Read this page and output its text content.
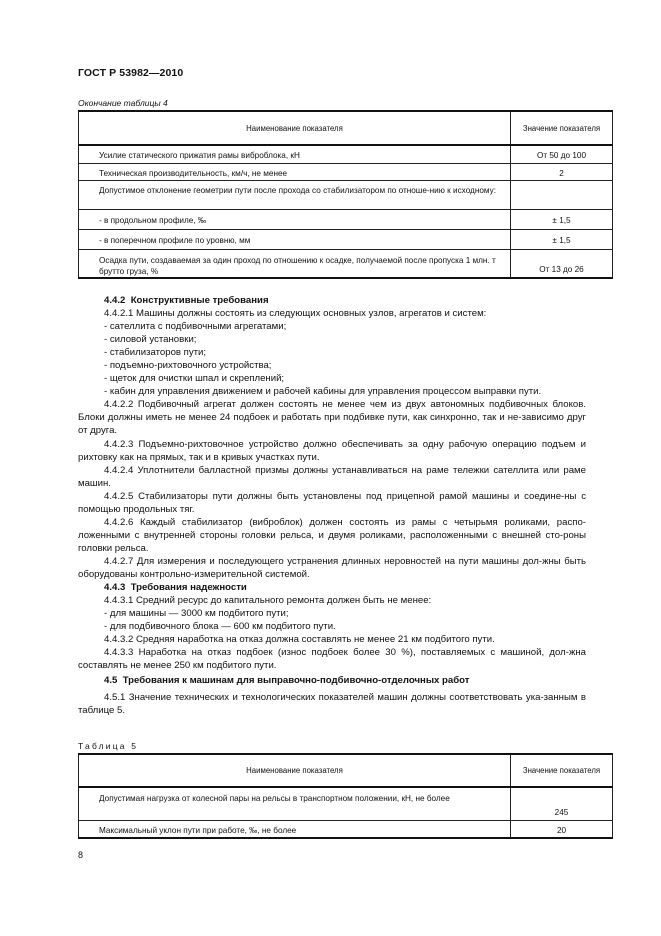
ГОСТ Р 53982—2010
Окончание таблицы 4
Наименование показателя	Значение показателя
Усилие статического прижатия рамы виброблока, кН	От 50 до 100
Техническая производительность, км/ч, не менее	2
Допустимое отклонение геометрии пути после прохода со стабилизатором по отноше-нию к исходному:	
- в продольном профиле, ‰	± 1,5
- в поперечном профиле по уровню, мм	± 1,5
Осадка пути, создаваемая за один проход по отношению к осадке, получаемой после пропуска 1 млн. т брутто груза, %	От 13 до 26

4.4.2 Конструктивные требования

4.4.2.1 Машины должны состоять из следующих основных узлов, агрегатов и систем:

- сателлита с подбивочными агрегатами;

- силовой установки;

- стабилизаторов пути;

- подъемно-рихтовочного устройства;

- щеток для очистки шпал и скреплений;

- кабин для управления движением и рабочей кабины для управления процессом выправки пути.

4.4.2.2 Подбивочный агрегат должен состоять не менее чем из двух автономных подбивочных блоков. Блоки должны иметь не менее 24 подбоек и работать при подбивке пути, как синхронно, так и не-зависимо друг от друга.

4.4.2.3 Подъемно-рихтовочное устройство должно обеспечивать за одну рабочую операцию подъем и рихтовку как на прямых, так и в кривых участках пути.

4.4.2.4 Уплотнители балластной призмы должны устанавливаться на раме тележки сателлита или раме машин.

4.4.2.5 Стабилизаторы пути должны быть установлены под прицепной рамой машины и соедине-ны с помощью продольных тяг.

4.4.2.6 Каждый стабилизатор (виброблок) должен состоять из рамы с четырьмя роликами, распо-ложенными с внутренней стороны головки рельса, и двумя роликами, расположенными с внешней сто-роны головки рельса.

4.4.2.7 Для измерения и последующего устранения длинных неровностей на пути машины дол-жны быть оборудованы контрольно-измерительной системой.

4.4.3 Требования надежности

4.4.3.1 Средний ресурс до капитального ремонта должен быть не менее:

- для машины — 3000 км подбитого пути;

- для подбивочного блока — 600 км подбитого пути.

4.4.3.2 Средняя наработка на отказ должна составлять не менее 21 км подбитого пути.

4.4.3.3 Наработка на отказ подбоек (износ подбоек более 30 %), поставляемых с машиной, дол-жна составлять не менее 250 км подбитого пути.

4.5 Требования к машинам для выправочно-подбивочно-отделочных работ

4.5.1 Значение технических и технологических показателей машин должны соответствовать ука-занным в таблице 5.

Таблица 5
Наименование показателя	Значение показателя
Допустимая нагрузка от колесной пары на рельсы в транспортном положении, кН, не более	245
Максимальный уклон пути при работе, ‰, не более	20
8
